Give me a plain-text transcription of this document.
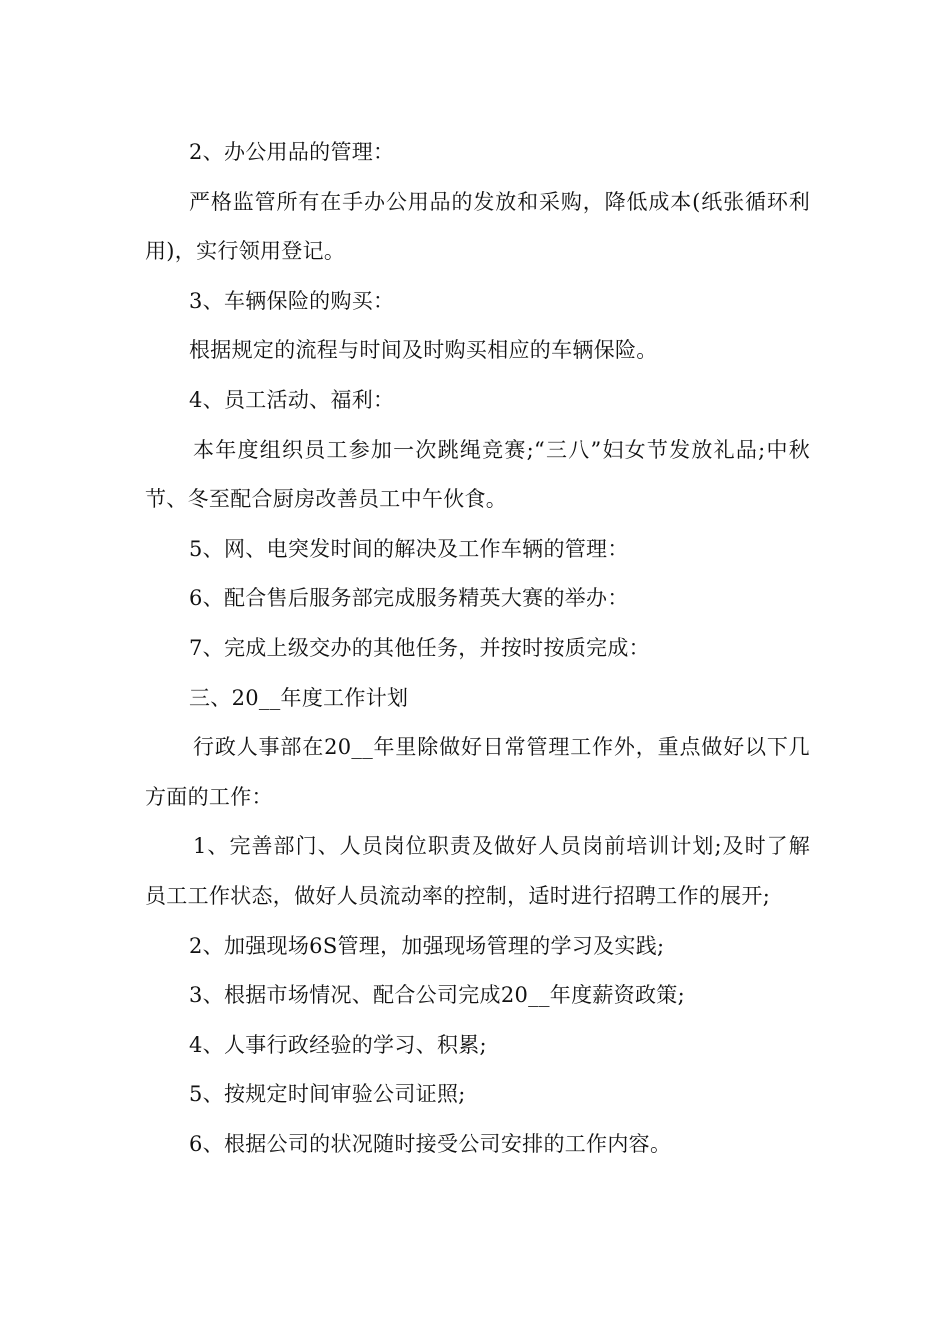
2、办公用品的管理：

严格监管所有在手办公用品的发放和采购，降低成本(纸张循环利用)，实行领用登记。

3、车辆保险的购买：

根据规定的流程与时间及时购买相应的车辆保险。

4、员工活动、福利：

本年度组织员工参加一次跳绳竞赛;“三八”妇女节发放礼品;中秋节、冬至配合厨房改善员工中午伙食。

5、网、电突发时间的解决及工作车辆的管理：

6、配合售后服务部完成服务精英大赛的举办：

7、完成上级交办的其他任务，并按时按质完成：

三、20__年度工作计划

行政人事部在20__年里除做好日常管理工作外，重点做好以下几方面的工作：

1、完善部门、人员岗位职责及做好人员岗前培训计划;及时了解员工工作状态，做好人员流动率的控制，适时进行招聘工作的展开;

2、加强现场6S管理，加强现场管理的学习及实践;

3、根据市场情况、配合公司完成20__年度薪资政策;

4、人事行政经验的学习、积累;

5、按规定时间审验公司证照;

6、根据公司的状况随时接受公司安排的工作内容。
